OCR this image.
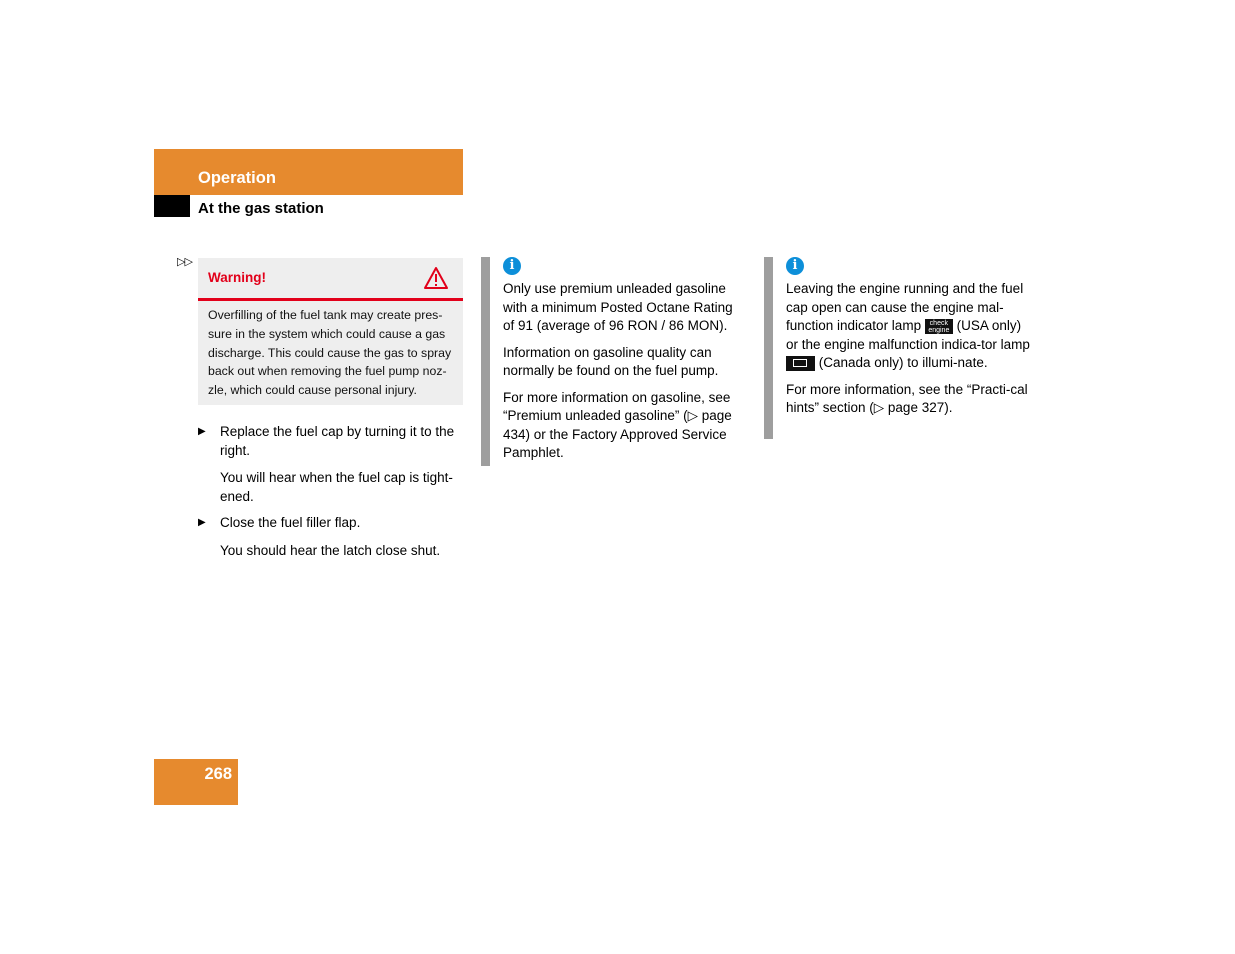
Operation
At the gas station
▷▷
Warning!

Overfilling of the fuel tank may create pres-sure in the system which could cause a gas discharge. This could cause the gas to spray back out when removing the fuel pump noz-zle, which could cause personal injury.

▶ Replace the fuel cap by turning it to the right.

You will hear when the fuel cap is tight-ened.

▶ Close the fuel filler flap.

You should hear the latch close shut.

i

Only use premium unleaded gasoline with a minimum Posted Octane Rating of 91 (average of 96 RON / 86 MON).

Information on gasoline quality can normally be found on the fuel pump.

For more information on gasoline, see “Premium unleaded gasoline” (▷ page 434) or the Factory Approved Service Pamphlet.

i

Leaving the engine running and the fuel cap open can cause the engine mal-function indicator lamp check
engine (USA only) or the engine malfunction indica-tor lamp
(Canada only) to illumi-nate.

For more information, see the “Practi-cal hints” section (▷ page 327).

268
